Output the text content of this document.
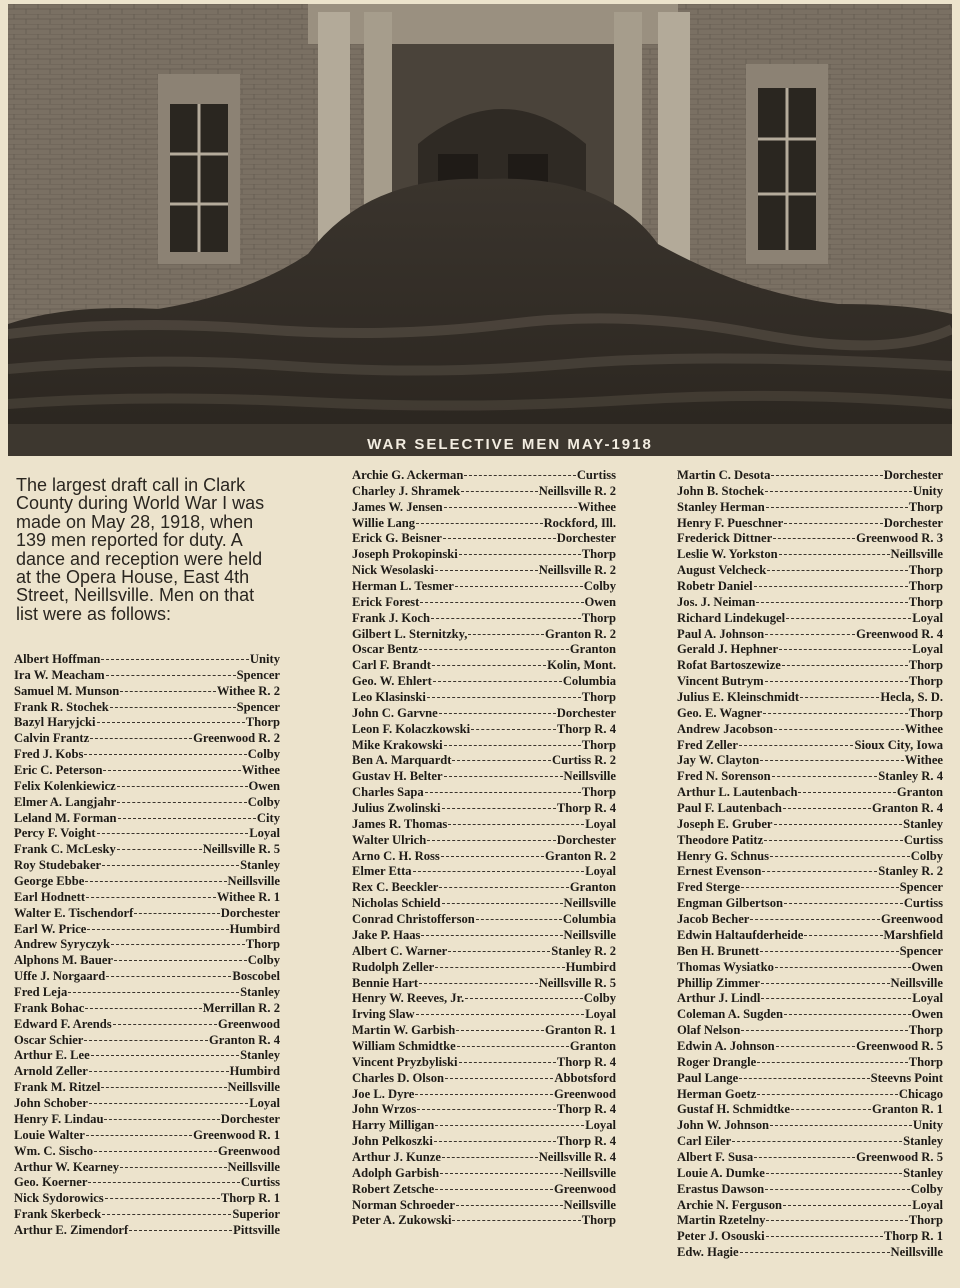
WAR SELECTIVE MEN MAY-1918
The largest draft call in Clark County during World War I was made on May 28, 1918, when 139 men reported for duty. A dance and reception were held at the Opera House, East 4th Street, Neillsville. Men on that list were as follows:
Albert Hoffman	Unity
Ira W. Meacham	Spencer
Samuel M. Munson	Withee R. 2
Frank R. Stochek	Spencer
Bazyl Haryjcki	Thorp
Calvin Frantz	Greenwood R. 2
Fred J. Kobs	Colby
Eric C. Peterson	Withee
Felix Kolenkiewicz	Owen
Elmer A. Langjahr	Colby
Leland M. Forman	City
Percy F. Voight	Loyal
Frank C. McLesky	Neillsville R. 5
Roy Studebaker	Stanley
George Ebbe	Neillsville
Earl Hodnett	Withee R. 1
Walter E. Tischendorf	Dorchester
Earl W. Price	Humbird
Andrew Syryczyk	Thorp
Alphons M. Bauer	Colby
Uffe J. Norgaard	Boscobel
Fred Leja	Stanley
Frank Bohac	Merrillan R. 2
Edward F. Arends	Greenwood
Oscar Schier	Granton R. 4
Arthur E. Lee	Stanley
Arnold Zeller	Humbird
Frank M. Ritzel	Neillsville
John Schober	Loyal
Henry F. Lindau	Dorchester
Louie Walter	Greenwood R. 1
Wm. C. Sischo	Greenwood
Arthur W. Kearney	Neillsville
Geo. Koerner	Curtiss
Nick Sydorowics	Thorp R. 1
Frank Skerbeck	Superior
Arthur E. Zimendorf	Pittsville
Archie G. Ackerman	Curtiss
Charley J. Shramek	Neillsville R. 2
James W. Jensen	Withee
Willie Lang	Rockford, Ill.
Erick G. Beisner	Dorchester
Joseph Prokopinski	Thorp
Nick Wesolaski	Neillsville R. 2
Herman L. Tesmer	Colby
Erick Forest	Owen
Frank J. Koch	Thorp
Gilbert L. Sternitzky,	Granton R. 2
Oscar Bentz	Granton
Carl F. Brandt	Kolin, Mont.
Geo. W. Ehlert	Columbia
Leo Klasinski	Thorp
John C. Garvne	Dorchester
Leon F. Kolaczkowski	Thorp R. 4
Mike Krakowski	Thorp
Ben A. Marquardt	Curtiss R. 2
Gustav H. Belter	Neillsville
Charles Sapa	Thorp
Julius Zwolinski	Thorp R. 4
James R. Thomas	Loyal
Walter Ulrich	Dorchester
Arno C. H. Ross	Granton R. 2
Elmer Etta	Loyal
Rex C. Beeckler	Granton
Nicholas Schield	Neillsville
Conrad Christofferson	Columbia
Jake P. Haas	Neillsville
Albert C. Warner	Stanley R. 2
Rudolph Zeller	Humbird
Bennie Hart	Neillsville R. 5
Henry W. Reeves, Jr.	Colby
Irving Slaw	Loyal
Martin W. Garbish	Granton R. 1
William Schmidtke	Granton
Vincent Pryzbyliski	Thorp R. 4
Charles D. Olson	Abbotsford
Joe L. Dyre	Greenwood
John Wrzos	Thorp R. 4
Harry Milligan	Loyal
John Pelkoszki	Thorp R. 4
Arthur J. Kunze	Neillsville R. 4
Adolph Garbish	Neillsville
Robert Zetsche	Greenwood
Norman Schroeder	Neillsville
Peter A. Zukowski	Thorp
Martin C. Desota	Dorchester
John B. Stochek	Unity
Stanley Herman	Thorp
Henry F. Pueschner	Dorchester
Frederick Dittner	Greenwood R. 3
Leslie W. Yorkston	Neillsville
August Velcheck	Thorp
Robetr Daniel	Thorp
Jos. J. Neiman	Thorp
Richard Lindekugel	Loyal
Paul A. Johnson	Greenwood R. 4
Gerald J. Hephner	Loyal
Rofat Bartoszewize	Thorp
Vincent Butrym	Thorp
Julius E. Kleinschmidt	Hecla, S. D.
Geo. E. Wagner	Thorp
Andrew Jacobson	Withee
Fred Zeller	Sioux City, Iowa
Jay W. Clayton	Withee
Fred N. Sorenson	Stanley R. 4
Arthur L. Lautenbach	Granton
Paul F. Lautenbach	Granton R. 4
Joseph E. Gruber	Stanley
Theodore Patitz	Curtiss
Henry G. Schnus	Colby
Ernest Evenson	Stanley R. 2
Fred Sterge	Spencer
Engman Gilbertson	Curtiss
Jacob Becher	Greenwood
Edwin Haltaufderheide	Marshfield
Ben H. Brunett	Spencer
Thomas Wysiatko	Owen
Phillip Zimmer	Neillsville
Arthur J. Lindl	Loyal
Coleman A. Sugden	Owen
Olaf Nelson	Thorp
Edwin A. Johnson	Greenwood R. 5
Roger Drangle	Thorp
Paul Lange	Steevns Point
Herman Goetz	Chicago
Gustaf H. Schmidtke	Granton R. 1
John W. Johnson	Unity
Carl Eiler	Stanley
Albert F. Susa	Greenwood R. 5
Louie A. Dumke	Stanley
Erastus Dawson	Colby
Archie N. Ferguson	Loyal
Martin Rzetelny	Thorp
Peter J. Osouski	Thorp R. 1
Edw. Hagie	Neillsville
